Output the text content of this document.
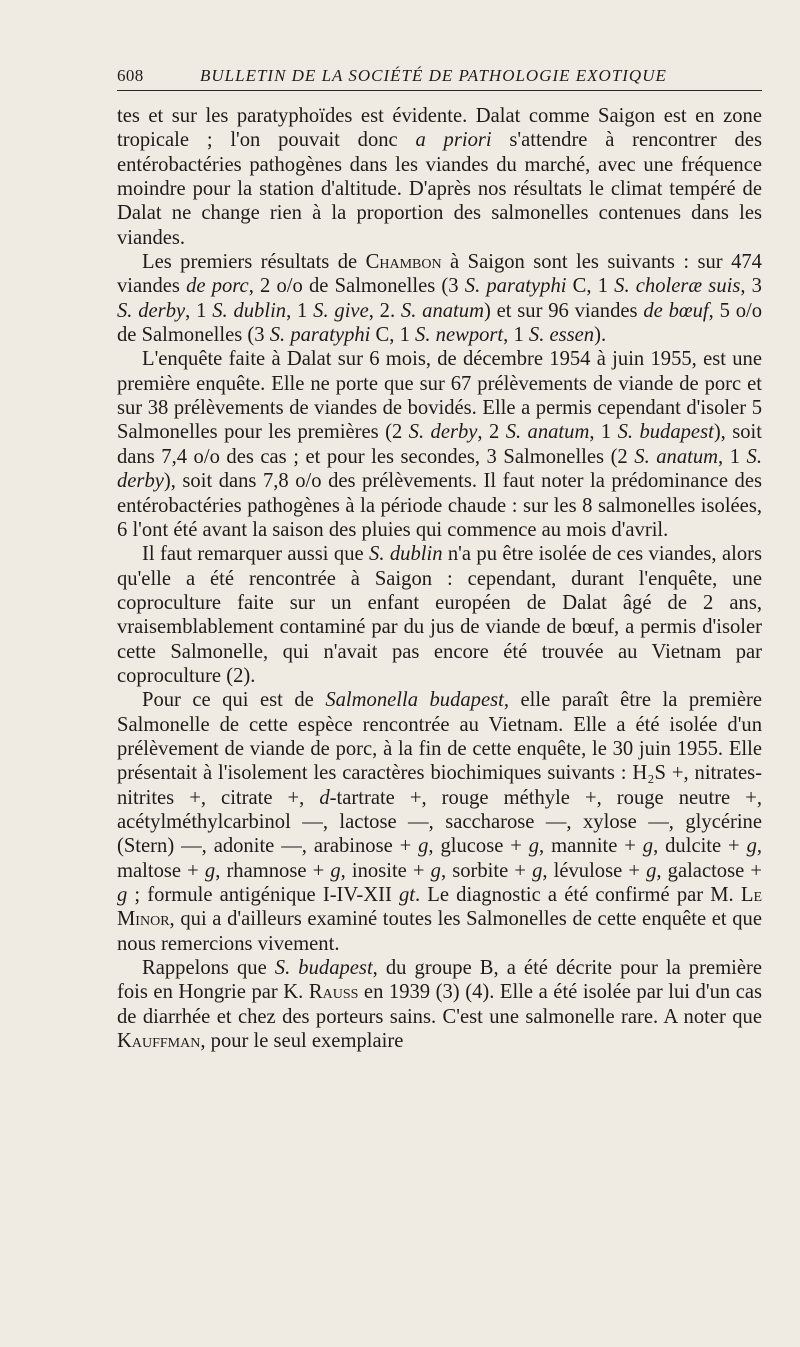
608	BULLETIN DE LA SOCIÉTÉ DE PATHOLOGIE EXOTIQUE

tes et sur les paratyphoïdes est évidente. Dalat comme Saigon est en zone tropicale ; l'on pouvait donc a priori s'attendre à rencontrer des entérobactéries pathogènes dans les viandes du marché, avec une fréquence moindre pour la station d'altitude. D'après nos résultats le climat tempéré de Dalat ne change rien à la proportion des salmonelles contenues dans les viandes.

Les premiers résultats de Chambon à Saigon sont les suivants : sur 474 viandes de porc, 2 o/o de Salmonelles (3 S. paratyphi C, 1 S. choleræ suis, 3 S. derby, 1 S. dublin, 1 S. give, 2. S. anatum) et sur 96 viandes de bœuf, 5 o/o de Salmonelles (3 S. paratyphi C, 1 S. newport, 1 S. essen).

L'enquête faite à Dalat sur 6 mois, de décembre 1954 à juin 1955, est une première enquête. Elle ne porte que sur 67 prélèvements de viande de porc et sur 38 prélèvements de viandes de bovidés. Elle a permis cependant d'isoler 5 Salmonelles pour les premières (2 S. derby, 2 S. anatum, 1 S. budapest), soit dans 7,4 o/o des cas ; et pour les secondes, 3 Salmonelles (2 S. anatum, 1 S. derby), soit dans 7,8 o/o des prélèvements. Il faut noter la prédominance des entérobactéries pathogènes à la période chaude : sur les 8 salmonelles isolées, 6 l'ont été avant la saison des pluies qui commence au mois d'avril.

Il faut remarquer aussi que S. dublin n'a pu être isolée de ces viandes, alors qu'elle a été rencontrée à Saigon : cependant, durant l'enquête, une coproculture faite sur un enfant européen de Dalat âgé de 2 ans, vraisemblablement contaminé par du jus de viande de bœuf, a permis d'isoler cette Salmonelle, qui n'avait pas encore été trouvée au Vietnam par coproculture (2).

Pour ce qui est de Salmonella budapest, elle paraît être la première Salmonelle de cette espèce rencontrée au Vietnam. Elle a été isolée d'un prélèvement de viande de porc, à la fin de cette enquête, le 30 juin 1955. Elle présentait à l'isolement les caractères biochimiques suivants : H₂S +, nitrates-nitrites +, citrate +, d-tartrate +, rouge méthyle +, rouge neutre +, acétylméthylcarbinol —, lactose —, saccharose —, xylose —, glycérine (Stern) —, adonite —, arabinose + g, glucose + g, mannite + g, dulcite + g, maltose + g, rhamnose + g, inosite + g, sorbite + g, lévulose + g, galactose + g ; formule antigénique I-IV-XII gt. Le diagnostic a été confirmé par M. Le Minor, qui a d'ailleurs examiné toutes les Salmonelles de cette enquête et que nous remercions vivement.

Rappelons que S. budapest, du groupe B, a été décrite pour la première fois en Hongrie par K. Rauss en 1939 (3) (4). Elle a été isolée par lui d'un cas de diarrhée et chez des porteurs sains. C'est une salmonelle rare. A noter que Kauffman, pour le seul exemplaire
